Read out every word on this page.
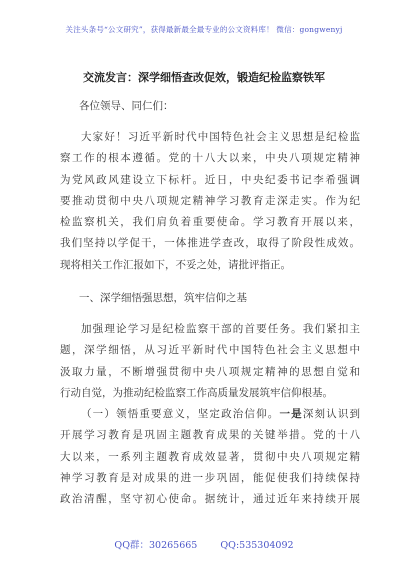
关注头条号“公文研究”，获得最新最全最专业的公文资料库！ 微信：gongwenyj
交流发言：深学细悟查改促效，锻造纪检监察铁军
各位领导、同仁们：
大家好！习近平新时代中国特色社会主义思想是纪检监
察工作的根本遵循。党的十八大以来，中央八项规定精神
为党风政风建设立下标杆。近日，中央纪委书记李希强调
要推动贯彻中央八项规定精神学习教育走深走实。作为纪
检监察机关，我们肩负着重要使命。学习教育开展以来，
我们坚持以学促干，一体推进学查改，取得了阶段性成效。
现将相关工作汇报如下，不妥之处，请批评指正。
一、深学细悟强思想，筑牢信仰之基
加强理论学习是纪检监察干部的首要任务。我们紧扣主
题，深学细悟，从习近平新时代中国特色社会主义思想中
汲取力量，不断增强贯彻中央八项规定精神的思想自觉和
行动自觉，为推动纪检监察工作高质量发展筑牢信仰根基。
（一）领悟重要意义，坚定政治信仰。一是深刻认识到
开展学习教育是巩固主题教育成果的关键举措。党的十八
大以来，一系列主题教育成效显著，贯彻中央八项规定精
神学习教育是对成果的进一步巩固，能促使我们持续保持
政治清醒，坚守初心使命。据统计，通过近年来持续开展
QQ群：30265665 QQ:535304092
